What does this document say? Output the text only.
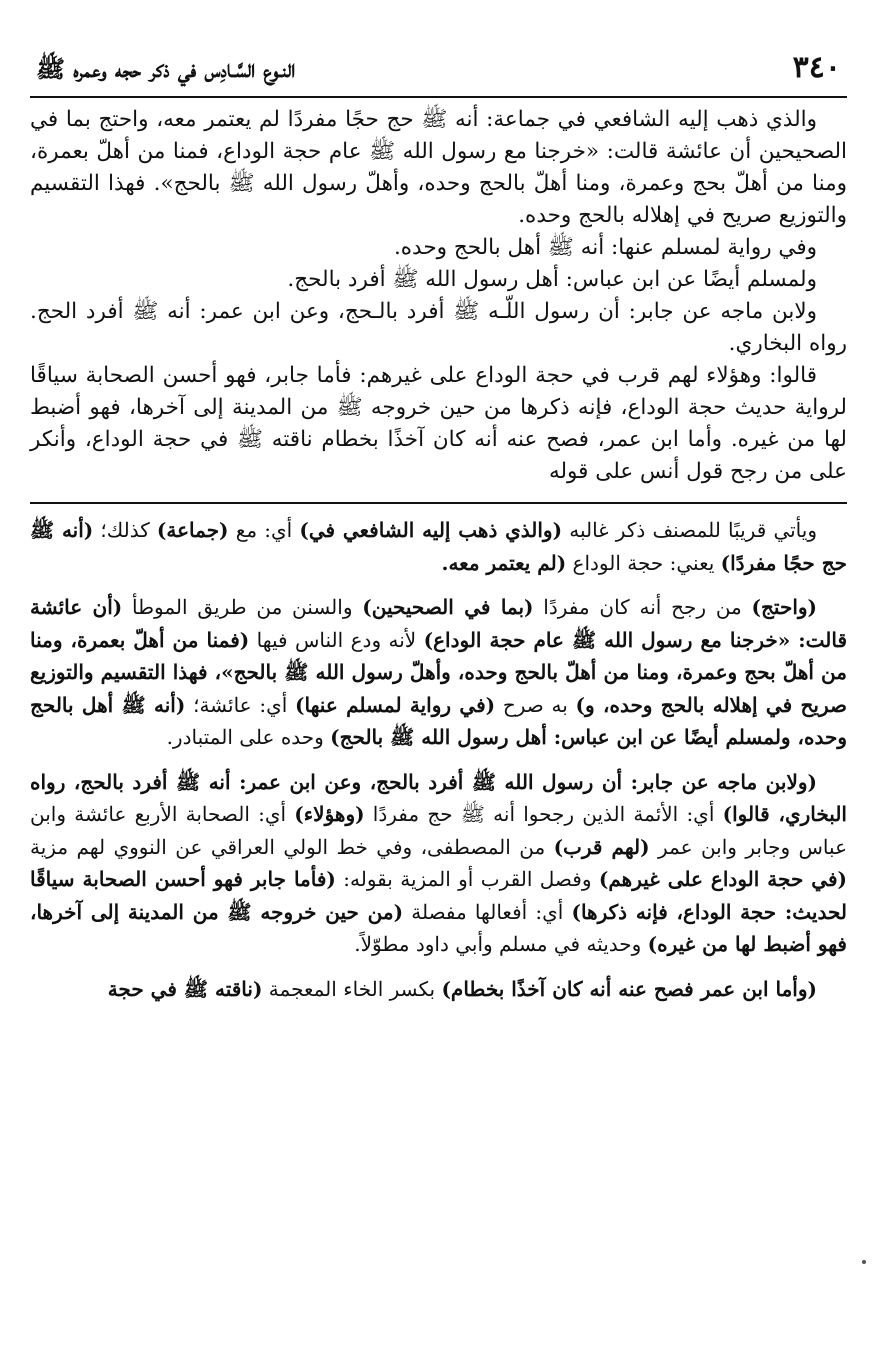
٣٤٠
النـوع السَّـادِس في ذكر حجه وعمره ﷺ

والذي ذهب إليه الشافعي في جماعة: أنه ﷺ حج حجًا مفردًا لم يعتمر معه، واحتج بما في الصحيحين أن عائشة قالت: «خرجنا مع رسول الله ﷺ عام حجة الوداع، فمنا من أهلّ بعمرة، ومنا من أهلّ بحج وعمرة، ومنا أهلّ بالحج وحده، وأهلّ رسول الله ﷺ بالحج». فهذا التقسيم والتوزيع صريح في إهلاله بالحج وحده.

وفي رواية لمسلم عنها: أنه ﷺ أهل بالحج وحده.

ولمسلم أيضًا عن ابن عباس: أهل رسول الله ﷺ أفرد بالحج.

ولابن ماجه عن جابر: أن رسول اللّـه ﷺ أفرد بالـحج، وعن ابن عمر: أنه ﷺ أفرد الحج. رواه البخاري.

قالوا: وهؤلاء لهم قرب في حجة الوداع على غيرهم: فأما جابر، فهو أحسن الصحابة سياقًا لرواية حديث حجة الوداع، فإنه ذكرها من حين خروجه ﷺ من المدينة إلى آخرها، فهو أضبط لها من غيره. وأما ابن عمر، فصح عنه أنه كان آخذًا بخطام ناقته ﷺ في حجة الوداع، وأنكر على من رجح قول أنس على قوله

ويأتي قريبًا للمصنف ذكر غالبه (والذي ذهب إليه الشافعي في) أي: مع (جماعة) كذلك؛ (أنه ﷺ حج حجًا مفردًا) يعني: حجة الوداع (لم يعتمر معه.

(واحتج) من رجح أنه كان مفردًا (بما في الصحيحين) والسنن من طريق الموطأ (أن عائشة قالت: «خرجنا مع رسول الله ﷺ عام حجة الوداع) لأنه ودع الناس فيها (فمنا من أهلّ بعمرة، ومنا من أهلّ بحج وعمرة، ومنا من أهلّ بالحج وحده، وأهلّ رسول الله ﷺ بالحج»، فهذا التقسيم والتوزيع صريح في إهلاله بالحج وحده، و) به صرح (في رواية لمسلم عنها) أي: عائشة؛ (أنه ﷺ أهل بالحج وحده، ولمسلم أيضًا عن ابن عباس: أهل رسول الله ﷺ بالحج) وحده على المتبادر.

(ولابن ماجه عن جابر: أن رسول الله ﷺ أفرد بالحج، وعن ابن عمر: أنه ﷺ أفرد بالحج، رواه البخاري، قالوا) أي: الأئمة الذين رجحوا أنه ﷺ حج مفردًا (وهؤلاء) أي: الصحابة الأربع عائشة وابن عباس وجابر وابن عمر (لهم قرب) من المصطفى، وفي خط الولي العراقي عن النووي لهم مزية (في حجة الوداع على غيرهم) وفصل القرب أو المزية بقوله: (فأما جابر فهو أحسن الصحابة سياقًا لحديث: حجة الوداع، فإنه ذكرها) أي: أفعالها مفصلة (من حين خروجه ﷺ من المدينة إلى آخرها، فهو أضبط لها من غيره) وحديثه في مسلم وأبي داود مطوّلاً.

(وأما ابن عمر فصح عنه أنه كان آخذًا بخطام) بكسر الخاء المعجمة (ناقته ﷺ في حجة
